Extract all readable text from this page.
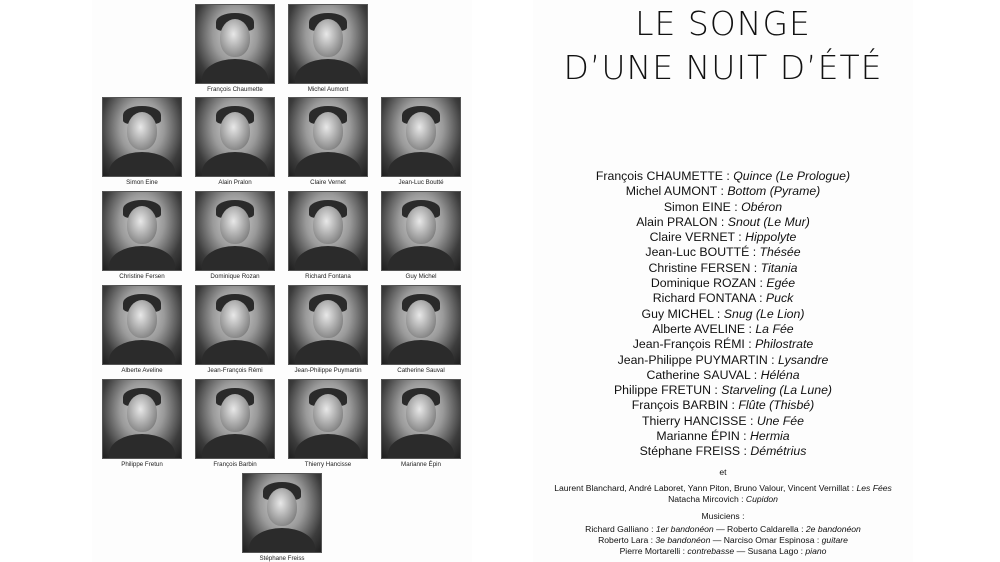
François Chaumette	Michel Aumont
Simon Eine	Alain Pralon	Claire Vernet	Jean-Luc Boutté
Christine Fersen	Dominique Rozan	Richard Fontana	Guy Michel
Alberte Aveline	Jean-François Rémi	Jean-Philippe Puymartin	Catherine Sauval
Philippe Fretun	François Barbin	Thierry Hancisse	Marianne Épin
Stéphane Freiss
LE SONGE
D’UNE NUIT D’ÉTÉ
François CHAUMETTE : Quince (Le Prologue)
Michel AUMONT : Bottom (Pyrame)
Simon EINE : Obéron
Alain PRALON : Snout (Le Mur)
Claire VERNET : Hippolyte
Jean-Luc BOUTTÉ : Thésée
Christine FERSEN : Titania
Dominique ROZAN : Egée
Richard FONTANA : Puck
Guy MICHEL : Snug (Le Lion)
Alberte AVELINE : La Fée
Jean-François RÉMI : Philostrate
Jean-Philippe PUYMARTIN : Lysandre
Catherine SAUVAL : Héléna
Philippe FRETUN : Starveling (La Lune)
François BARBIN : Flûte (Thisbé)
Thierry HANCISSE : Une Fée
Marianne ÉPIN : Hermia
Stéphane FREISS : Démétrius
et
Laurent Blanchard, André Laboret, Yann Piton, Bruno Valour, Vincent Vernillat : Les Fées
Natacha Mircovich : Cupidon
Musiciens :
Richard Galliano : 1er bandonéon — Roberto Caldarella : 2e bandonéon
Roberto Lara : 3e bandonéon — Narciso Omar Espinosa : guitare
Pierre Mortarelli : contrebasse — Susana Lago : piano
